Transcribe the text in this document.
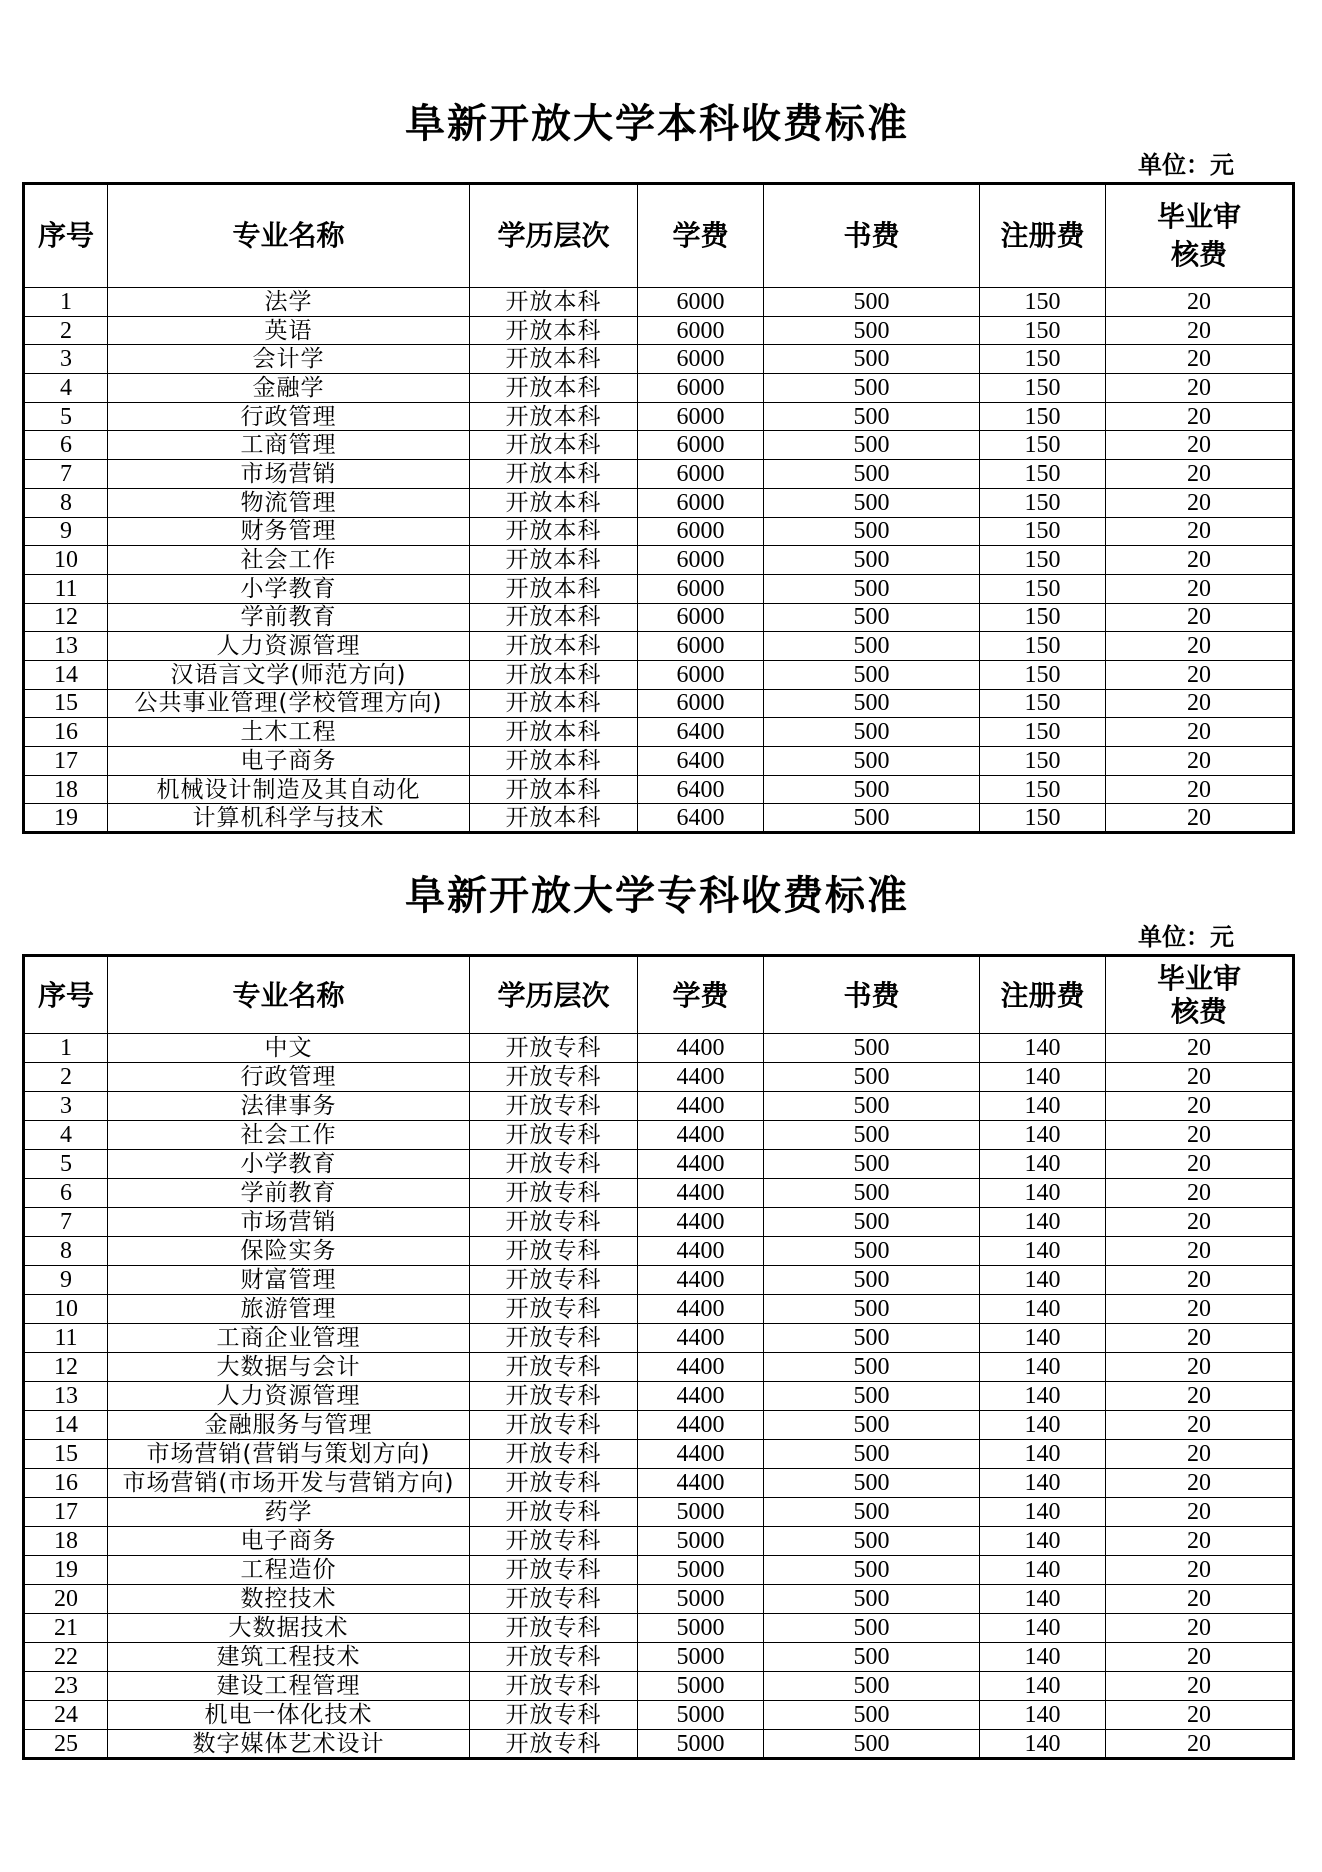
阜新开放大学本科收费标准
单位：元
序号	专业名称	学历层次	学费	书费	注册费	毕业审核费
1	法学	开放本科	6000	500	150	20
2	英语	开放本科	6000	500	150	20
3	会计学	开放本科	6000	500	150	20
4	金融学	开放本科	6000	500	150	20
5	行政管理	开放本科	6000	500	150	20
6	工商管理	开放本科	6000	500	150	20
7	市场营销	开放本科	6000	500	150	20
8	物流管理	开放本科	6000	500	150	20
9	财务管理	开放本科	6000	500	150	20
10	社会工作	开放本科	6000	500	150	20
11	小学教育	开放本科	6000	500	150	20
12	学前教育	开放本科	6000	500	150	20
13	人力资源管理	开放本科	6000	500	150	20
14	汉语言文学(师范方向)	开放本科	6000	500	150	20
15	公共事业管理(学校管理方向)	开放本科	6000	500	150	20
16	土木工程	开放本科	6400	500	150	20
17	电子商务	开放本科	6400	500	150	20
18	机械设计制造及其自动化	开放本科	6400	500	150	20
19	计算机科学与技术	开放本科	6400	500	150	20
阜新开放大学专科收费标准
单位：元
序号	专业名称	学历层次	学费	书费	注册费	毕业审核费
1	中文	开放专科	4400	500	140	20
2	行政管理	开放专科	4400	500	140	20
3	法律事务	开放专科	4400	500	140	20
4	社会工作	开放专科	4400	500	140	20
5	小学教育	开放专科	4400	500	140	20
6	学前教育	开放专科	4400	500	140	20
7	市场营销	开放专科	4400	500	140	20
8	保险实务	开放专科	4400	500	140	20
9	财富管理	开放专科	4400	500	140	20
10	旅游管理	开放专科	4400	500	140	20
11	工商企业管理	开放专科	4400	500	140	20
12	大数据与会计	开放专科	4400	500	140	20
13	人力资源管理	开放专科	4400	500	140	20
14	金融服务与管理	开放专科	4400	500	140	20
15	市场营销(营销与策划方向)	开放专科	4400	500	140	20
16	市场营销(市场开发与营销方向)	开放专科	4400	500	140	20
17	药学	开放专科	5000	500	140	20
18	电子商务	开放专科	5000	500	140	20
19	工程造价	开放专科	5000	500	140	20
20	数控技术	开放专科	5000	500	140	20
21	大数据技术	开放专科	5000	500	140	20
22	建筑工程技术	开放专科	5000	500	140	20
23	建设工程管理	开放专科	5000	500	140	20
24	机电一体化技术	开放专科	5000	500	140	20
25	数字媒体艺术设计	开放专科	5000	500	140	20
